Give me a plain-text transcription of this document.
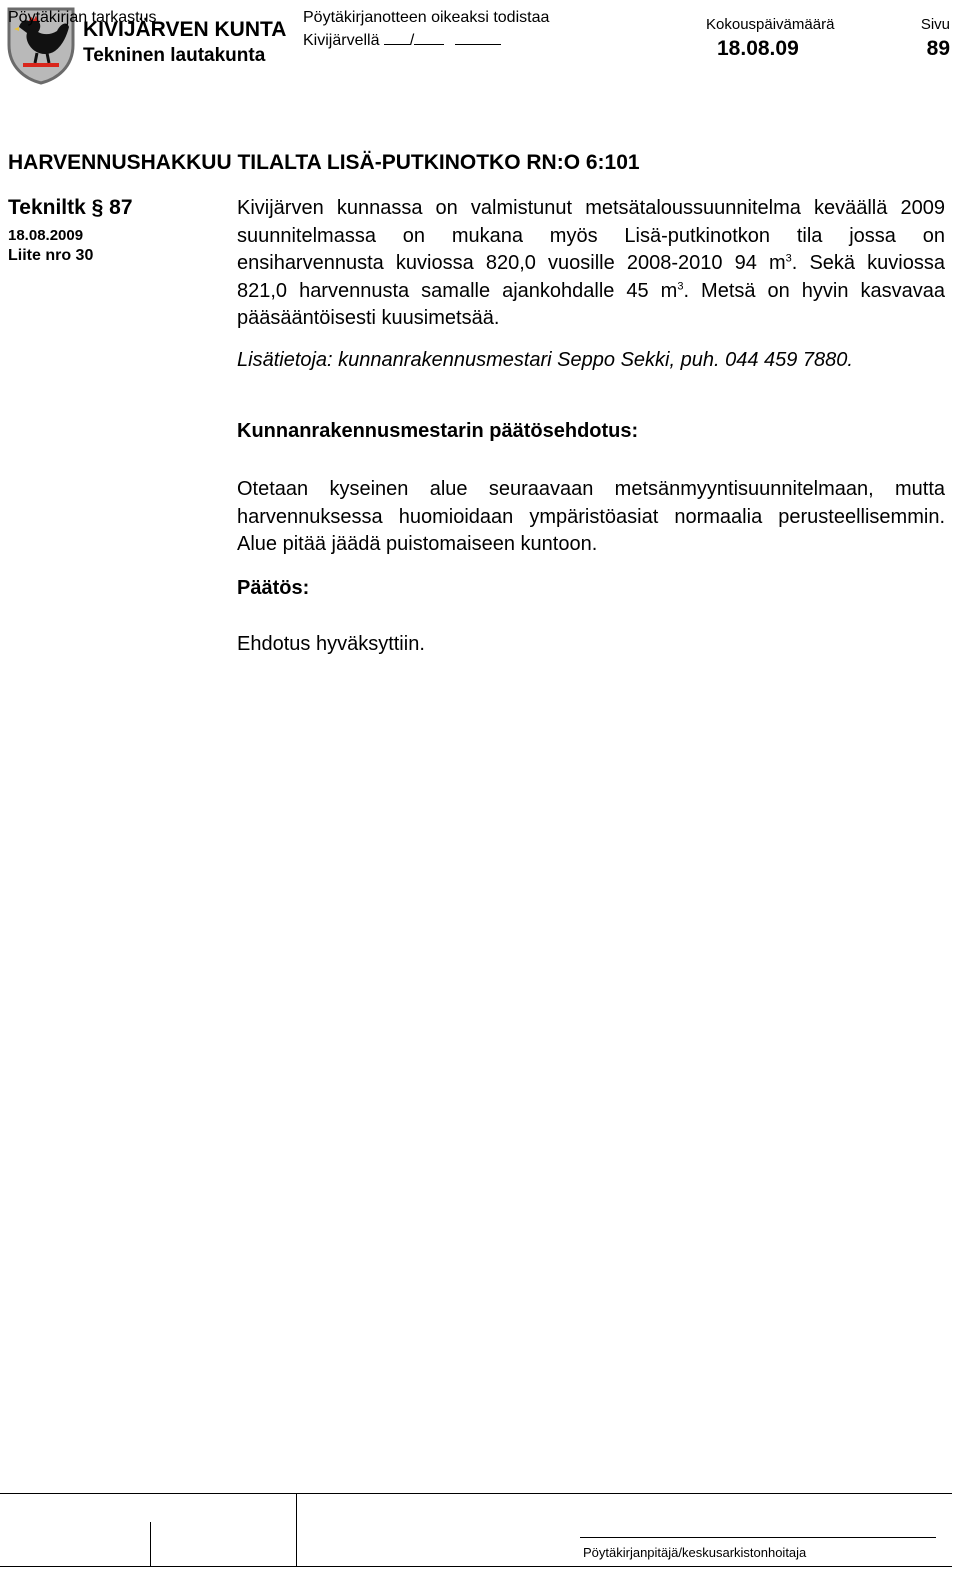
KIVIJÄRVEN KUNTA
Tekninen lautakunta
Kokouspäivämäärä
18.08.09
Sivu
89
HARVENNUSHAKKUU TILALTA LISÄ-PUTKINOTKO RN:O 6:101
Tekniltk § 87
18.08.2009
Liite nro 30
Kivijärven kunnassa on valmistunut metsätaloussuunnitelma keväällä 2009 suunnitelmassa on mukana myös Lisä-putkinotkon tila jossa on ensiharvennusta kuviossa 820,0 vuosille 2008-2010 94 $m^3$. Sekä kuviossa 821,0 harvennusta samalle ajankohdalle 45 $m^3$. Metsä on hyvin kasvavaa pääsääntöisesti kuusimetsää.
Lisätietoja: kunnanrakennusmestari Seppo Sekki, puh. 044 459 7880.
Kunnanrakennusmestarin päätösehdotus:
Otetaan kyseinen alue seuraavaan metsänmyyntisuunnitelmaan, mutta harvennuksessa huomioidaan ympäristöasiat normaalia perusteellisemmin. Alue pitää jäädä puistomaiseen kuntoon.
Päätös:
Ehdotus hyväksyttiin.
Pöytäkirjan tarkastus	Pöytäkirjanotteen oikeaksi todistaa
Kivijärvellä /
Pöytäkirjanpitäjä/keskusarkistonhoitaja
